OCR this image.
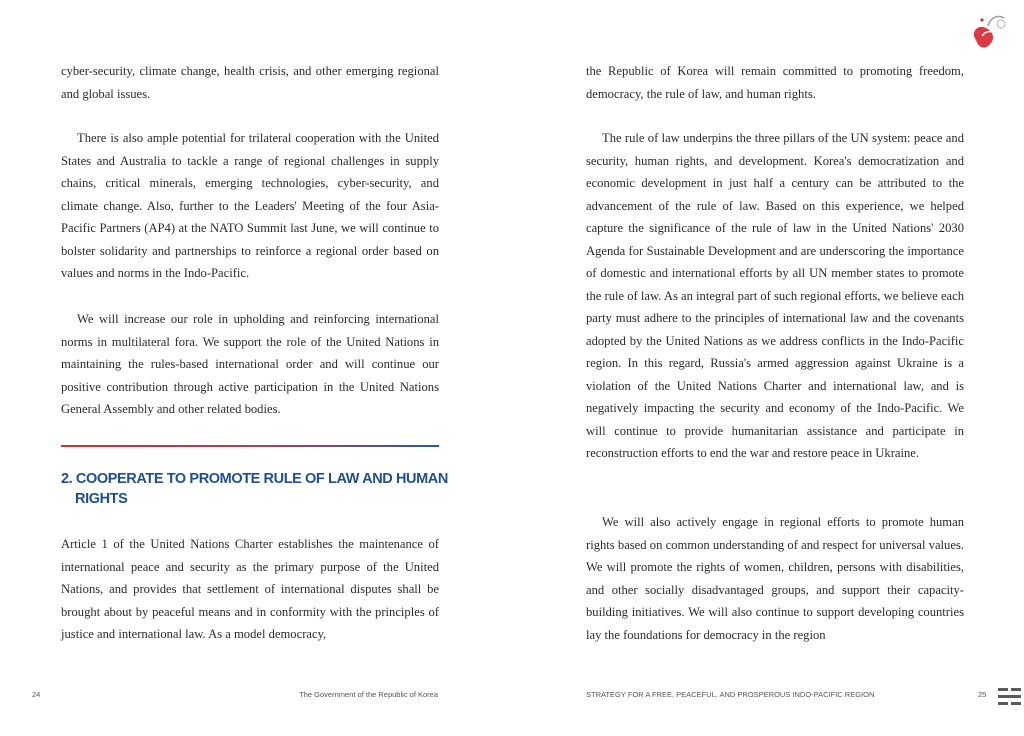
cyber-security, climate change, health crisis, and other emerging regional and global issues.

There is also ample potential for trilateral cooperation with the United States and Australia to tackle a range of regional challenges in supply chains, critical minerals, emerging technologies, cyber-security, and climate change. Also, further to the Leaders' Meeting of the four Asia-Pacific Partners (AP4) at the NATO Summit last June, we will continue to bolster solidarity and partnerships to reinforce a regional order based on values and norms in the Indo-Pacific.

We will increase our role in upholding and reinforcing international norms in multilateral fora. We support the role of the United Nations in maintaining the rules-based international order and will continue our positive contribution through active participation in the United Nations General Assembly and other related bodies.

2. COOPERATE TO PROMOTE RULE OF LAW AND HUMAN RIGHTS

Article 1 of the United Nations Charter establishes the maintenance of international peace and security as the primary purpose of the United Nations, and provides that settlement of international disputes shall be brought about by peaceful means and in conformity with the principles of justice and international law. As a model democracy,

the Republic of Korea will remain committed to promoting freedom, democracy, the rule of law, and human rights.

The rule of law underpins the three pillars of the UN system: peace and security, human rights, and development. Korea's democratization and economic development in just half a century can be attributed to the advancement of the rule of law. Based on this experience, we helped capture the significance of the rule of law in the United Nations' 2030 Agenda for Sustainable Development and are underscoring the importance of domestic and international efforts by all UN member states to promote the rule of law. As an integral part of such regional efforts, we believe each party must adhere to the principles of international law and the covenants adopted by the United Nations as we address conflicts in the Indo-Pacific region. In this regard, Russia's armed aggression against Ukraine is a violation of the United Nations Charter and international law, and is negatively impacting the security and economy of the Indo-Pacific. We will continue to provide humanitarian assistance and participate in reconstruction efforts to end the war and restore peace in Ukraine.

We will also actively engage in regional efforts to promote human rights based on common understanding of and respect for universal values. We will promote the rights of women, children, persons with disabilities, and other socially disadvantaged groups, and support their capacity-building initiatives. We will also continue to support developing countries lay the foundations for democracy in the region

24	The Government of the Republic of Korea	STRATEGY FOR A FREE, PEACEFUL, AND PROSPEROUS INDO-PACIFIC REGION	25
